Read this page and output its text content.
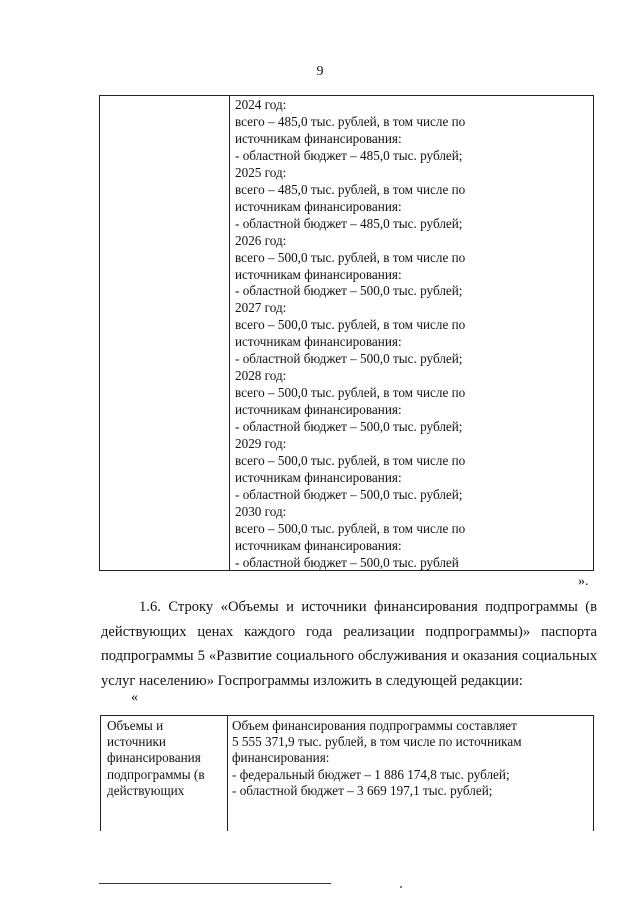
9
2024 год:
всего – 485,0 тыс. рублей, в том числе по
источникам финансирования:
- областной бюджет – 485,0 тыс. рублей;
2025 год:
всего – 485,0 тыс. рублей, в том числе по
источникам финансирования:
- областной бюджет – 485,0 тыс. рублей;
2026 год:
всего – 500,0 тыс. рублей, в том числе по
источникам финансирования:
- областной бюджет – 500,0 тыс. рублей;
2027 год:
всего – 500,0 тыс. рублей, в том числе по
источникам финансирования:
- областной бюджет – 500,0 тыс. рублей;
2028 год:
всего – 500,0 тыс. рублей, в том числе по
источникам финансирования:
- областной бюджет – 500,0 тыс. рублей;
2029 год:
всего – 500,0 тыс. рублей, в том числе по
источникам финансирования:
- областной бюджет – 500,0 тыс. рублей;
2030 год:
всего – 500,0 тыс. рублей, в том числе по
источникам финансирования:
- областной бюджет – 500,0 тыс. рублей
».
1.6. Строку «Объемы и источники финансирования подпрограммы (в
действующих ценах каждого года реализации подпрограммы)» паспорта
подпрограммы 5 «Развитие социального обслуживания и оказания социальных
услуг населению» Госпрограммы изложить в следующей редакции:
«
Объемы и
источники
финансирования
подпрограммы (в
действующих
Объем финансирования подпрограммы составляет
5 555 371,9 тыс. рублей, в том числе по источникам
финансирования:
- федеральный бюджет – 1 886 174,8 тыс. рублей;
- областной бюджет – 3 669 197,1 тыс. рублей;
